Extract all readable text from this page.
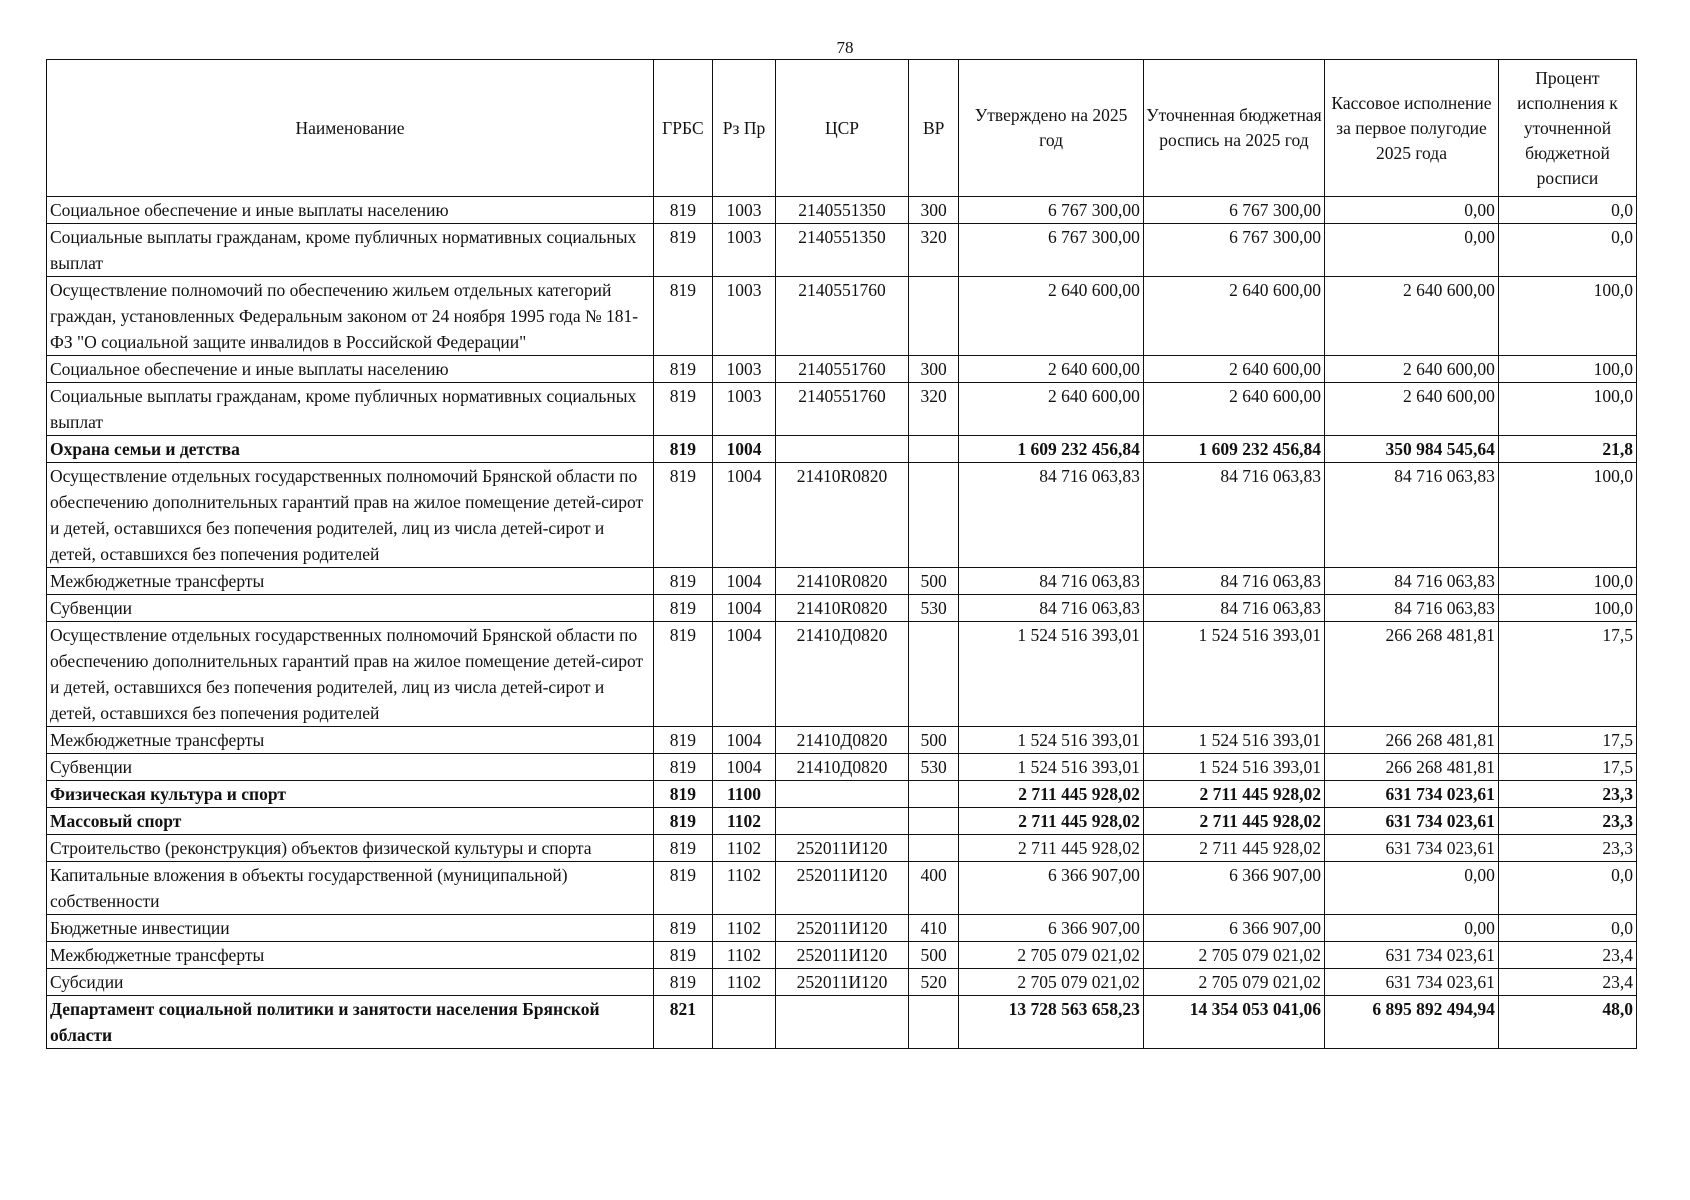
78
Наименование	ГРБС	Рз Пр	ЦСР	ВР	Утверждено на 2025 год	Уточненная бюджетная роспись на 2025 год	Кассовое исполнение за первое полугодие 2025 года	Процент исполнения к уточненной бюджетной росписи
Социальное обеспечение и иные выплаты населению	819	1003	2140551350	300	6 767 300,00	6 767 300,00	0,00	0,0
Социальные выплаты гражданам, кроме публичных нормативных социальных выплат	819	1003	2140551350	320	6 767 300,00	6 767 300,00	0,00	0,0
Осуществление полномочий по обеспечению жильем отдельных категорий граждан, установленных Федеральным законом от 24 ноября 1995 года № 181-ФЗ "О социальной защите инвалидов в Российской Федерации"	819	1003	2140551760		2 640 600,00	2 640 600,00	2 640 600,00	100,0
Социальное обеспечение и иные выплаты населению	819	1003	2140551760	300	2 640 600,00	2 640 600,00	2 640 600,00	100,0
Социальные выплаты гражданам, кроме публичных нормативных социальных выплат	819	1003	2140551760	320	2 640 600,00	2 640 600,00	2 640 600,00	100,0
Охрана семьи и детства	819	1004			1 609 232 456,84	1 609 232 456,84	350 984 545,64	21,8
Осуществление отдельных государственных полномочий Брянской области по обеспечению дополнительных гарантий прав на жилое помещение детей-сирот и детей, оставшихся без попечения родителей, лиц из числа детей-сирот и детей, оставшихся без попечения родителей	819	1004	21410R0820		84 716 063,83	84 716 063,83	84 716 063,83	100,0
Межбюджетные трансферты	819	1004	21410R0820	500	84 716 063,83	84 716 063,83	84 716 063,83	100,0
Субвенции	819	1004	21410R0820	530	84 716 063,83	84 716 063,83	84 716 063,83	100,0
Осуществление отдельных государственных полномочий Брянской области по обеспечению дополнительных гарантий прав на жилое помещение детей-сирот и детей, оставшихся без попечения родителей, лиц из числа детей-сирот и детей, оставшихся без попечения родителей	819	1004	21410Д0820		1 524 516 393,01	1 524 516 393,01	266 268 481,81	17,5
Межбюджетные трансферты	819	1004	21410Д0820	500	1 524 516 393,01	1 524 516 393,01	266 268 481,81	17,5
Субвенции	819	1004	21410Д0820	530	1 524 516 393,01	1 524 516 393,01	266 268 481,81	17,5
Физическая культура и спорт	819	1100			2 711 445 928,02	2 711 445 928,02	631 734 023,61	23,3
Массовый спорт	819	1102			2 711 445 928,02	2 711 445 928,02	631 734 023,61	23,3
Строительство (реконструкция) объектов физической культуры и спорта	819	1102	252011И120		2 711 445 928,02	2 711 445 928,02	631 734 023,61	23,3
Капитальные вложения в объекты государственной (муниципальной) собственности	819	1102	252011И120	400	6 366 907,00	6 366 907,00	0,00	0,0
Бюджетные инвестиции	819	1102	252011И120	410	6 366 907,00	6 366 907,00	0,00	0,0
Межбюджетные трансферты	819	1102	252011И120	500	2 705 079 021,02	2 705 079 021,02	631 734 023,61	23,4
Субсидии	819	1102	252011И120	520	2 705 079 021,02	2 705 079 021,02	631 734 023,61	23,4
Департамент социальной политики и занятости населения Брянской области	821				13 728 563 658,23	14 354 053 041,06	6 895 892 494,94	48,0
